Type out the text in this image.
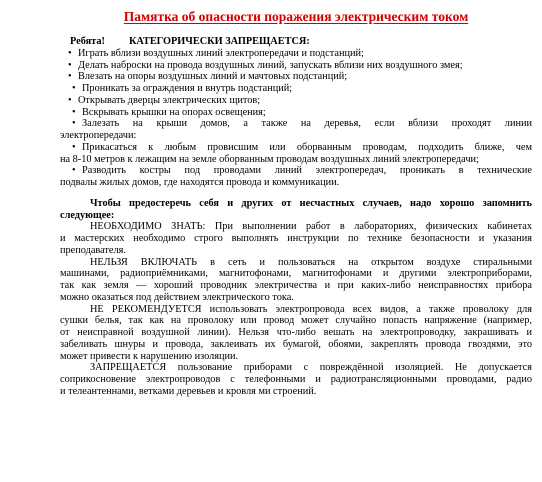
Памятка об опасности поражения электрическим током
Ребята! КАТЕГОРИЧЕСКИ ЗАПРЕЩАЕТСЯ:
• Играть вблизи воздушных линий электропередачи и подстанций;
• Делать наброски на провода воздушных линий, запускать вблизи них воздушного змея;
• Влезать на опоры воздушных линий и мачтовых подстанций;
• Проникать за ограждения и внутрь подстанций;
• Открывать дверцы электрических щитов;
• Вскрывать крышки на опорах освещения;
• Залезать на крыши домов, а также на деревья, если вблизи проходят линии
электропередачи:
• Прикасаться к любым провисшим или оборванным проводам, подходить ближе, чем
на 8-10 метров к лежащим на земле оборванным проводам воздушных линий электропередачи;
• Разводить костры под проводами линий электропередач, проникать в технические
подвалы жилых домов, где находятся провода и коммуникации.
Чтобы предостеречь себя и других от несчастных случаев, надо хорошо запомнить
следующее:
НЕОБХОДИМО ЗНАТЬ: При выполнении работ в лабораториях, физических кабинетах
и мастерских необходимо строго выполнять инструкции по технике безопасности и указания
преподавателя.
НЕЛЬЗЯ ВКЛЮЧАТЬ в сеть и пользоваться на открытом воздухе стиральными
машинами, радиоприёмниками, магнитофонами, магнитофонами и другими электроприборами,
так как земля — хороший проводник электричества и при каких-либо неисправностях прибора
можно оказаться под действием электрического тока.
НЕ РЕКОМЕНДУЕТСЯ использовать электропровода всех видов, а также проволоку для
сушки белья, так как на проволоку или провод может случайно попасть напряжение (например,
от неисправной воздушной линии). Нельзя что-либо вешать на электропроводку, закрашивать и
забеливать шнуры и провода, заклеивать их бумагой, обоями, закреплять провода гвоздями, это
может привести к нарушению изоляции.
ЗАПРЕЩАЕТСЯ пользование приборами с повреждённой изоляцией. Не допускается
соприкосновение электропроводов с телефонными и радиотрансляционными проводами, радио
и телеантеннами, ветками деревьев и кровля ми строений.
